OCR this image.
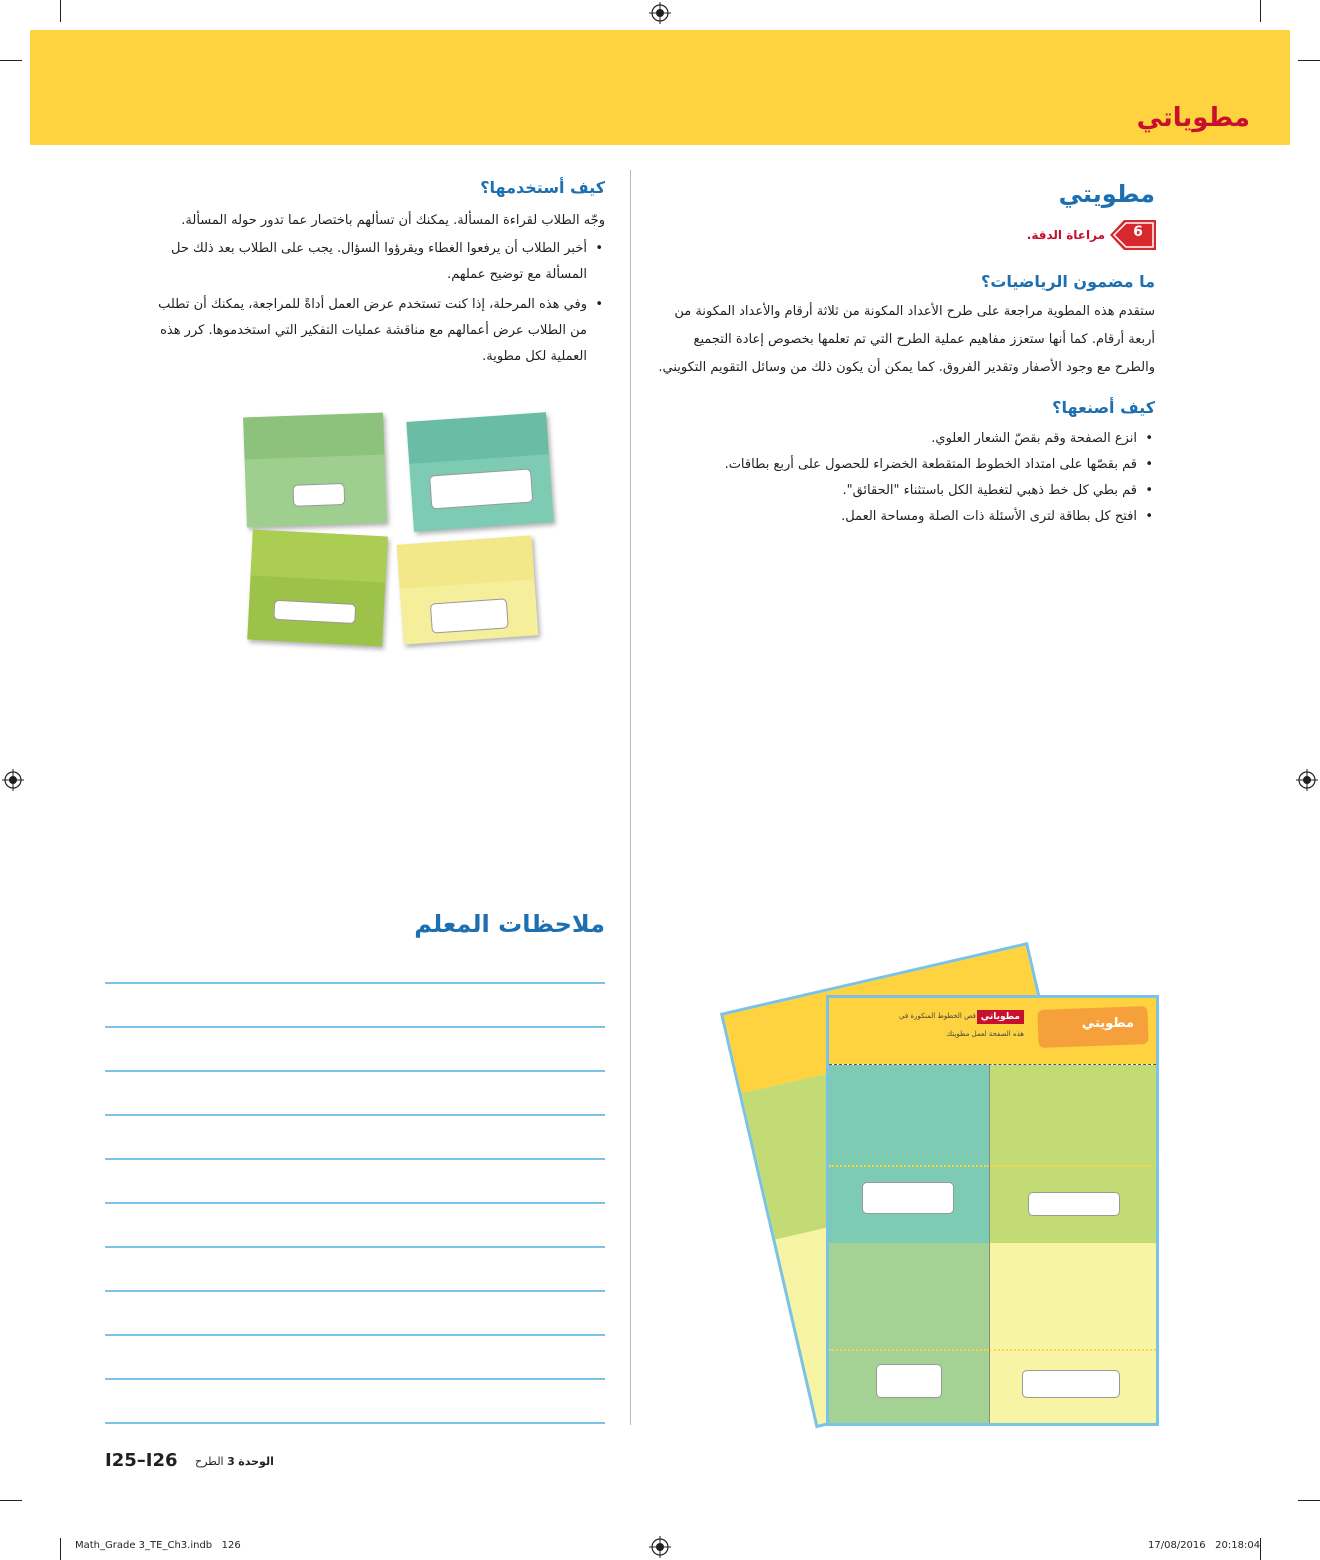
مطوياتي
مطويتي
6
مراعاة الدقة.
ما مضمون الرياضيات؟
ستقدم هذه المطوية مراجعة على طرح الأعداد المكونة من ثلاثة أرقام والأعداد المكونة من
أربعة أرقام. كما أنها ستعزز مفاهيم عملية الطرح التي تم تعلمها بخصوص إعادة التجميع
والطرح مع وجود الأصفار وتقدير الفروق. كما يمكن أن يكون ذلك من وسائل التقويم التكويني.
كيف أصنعها؟
• انزع الصفحة وقم بقصّ الشعار العلوي.
• قم بقصّها على امتداد الخطوط المتقطعة الخضراء للحصول على أربع بطاقات.
• قم بطي كل خط ذهبي لتغطية الكل باستثناء "الحقائق".
• افتح كل بطاقة لترى الأسئلة ذات الصلة ومساحة العمل.
كيف أستخدمها؟
وجّه الطلاب لقراءة المسألة. يمكنك أن تسألهم باختصار عما تدور حوله المسألة.
• أخبر الطلاب أن يرفعوا الغطاء ويقرؤوا السؤال. يجب على الطلاب بعد ذلك حل
المسألة مع توضيح عملهم.
• وفي هذه المرحلة، إذا كنت تستخدم عرض العمل أداةً للمراجعة، يمكنك أن تطلب
من الطلاب عرض أعمالهم مع مناقشة عمليات التفكير التي استخدموها. كرر هذه
العملية لكل مطوية.
ملاحظات المعلم
مطويتي
مطوياتي
قص الخطوط المنكورة في
هذه الصفحة لعمل مطويتك
I25–I26	الوحدة 3 الطرح
Math_Grade 3_TE_Ch3.indb   126	17/08/2016   20:18:04
